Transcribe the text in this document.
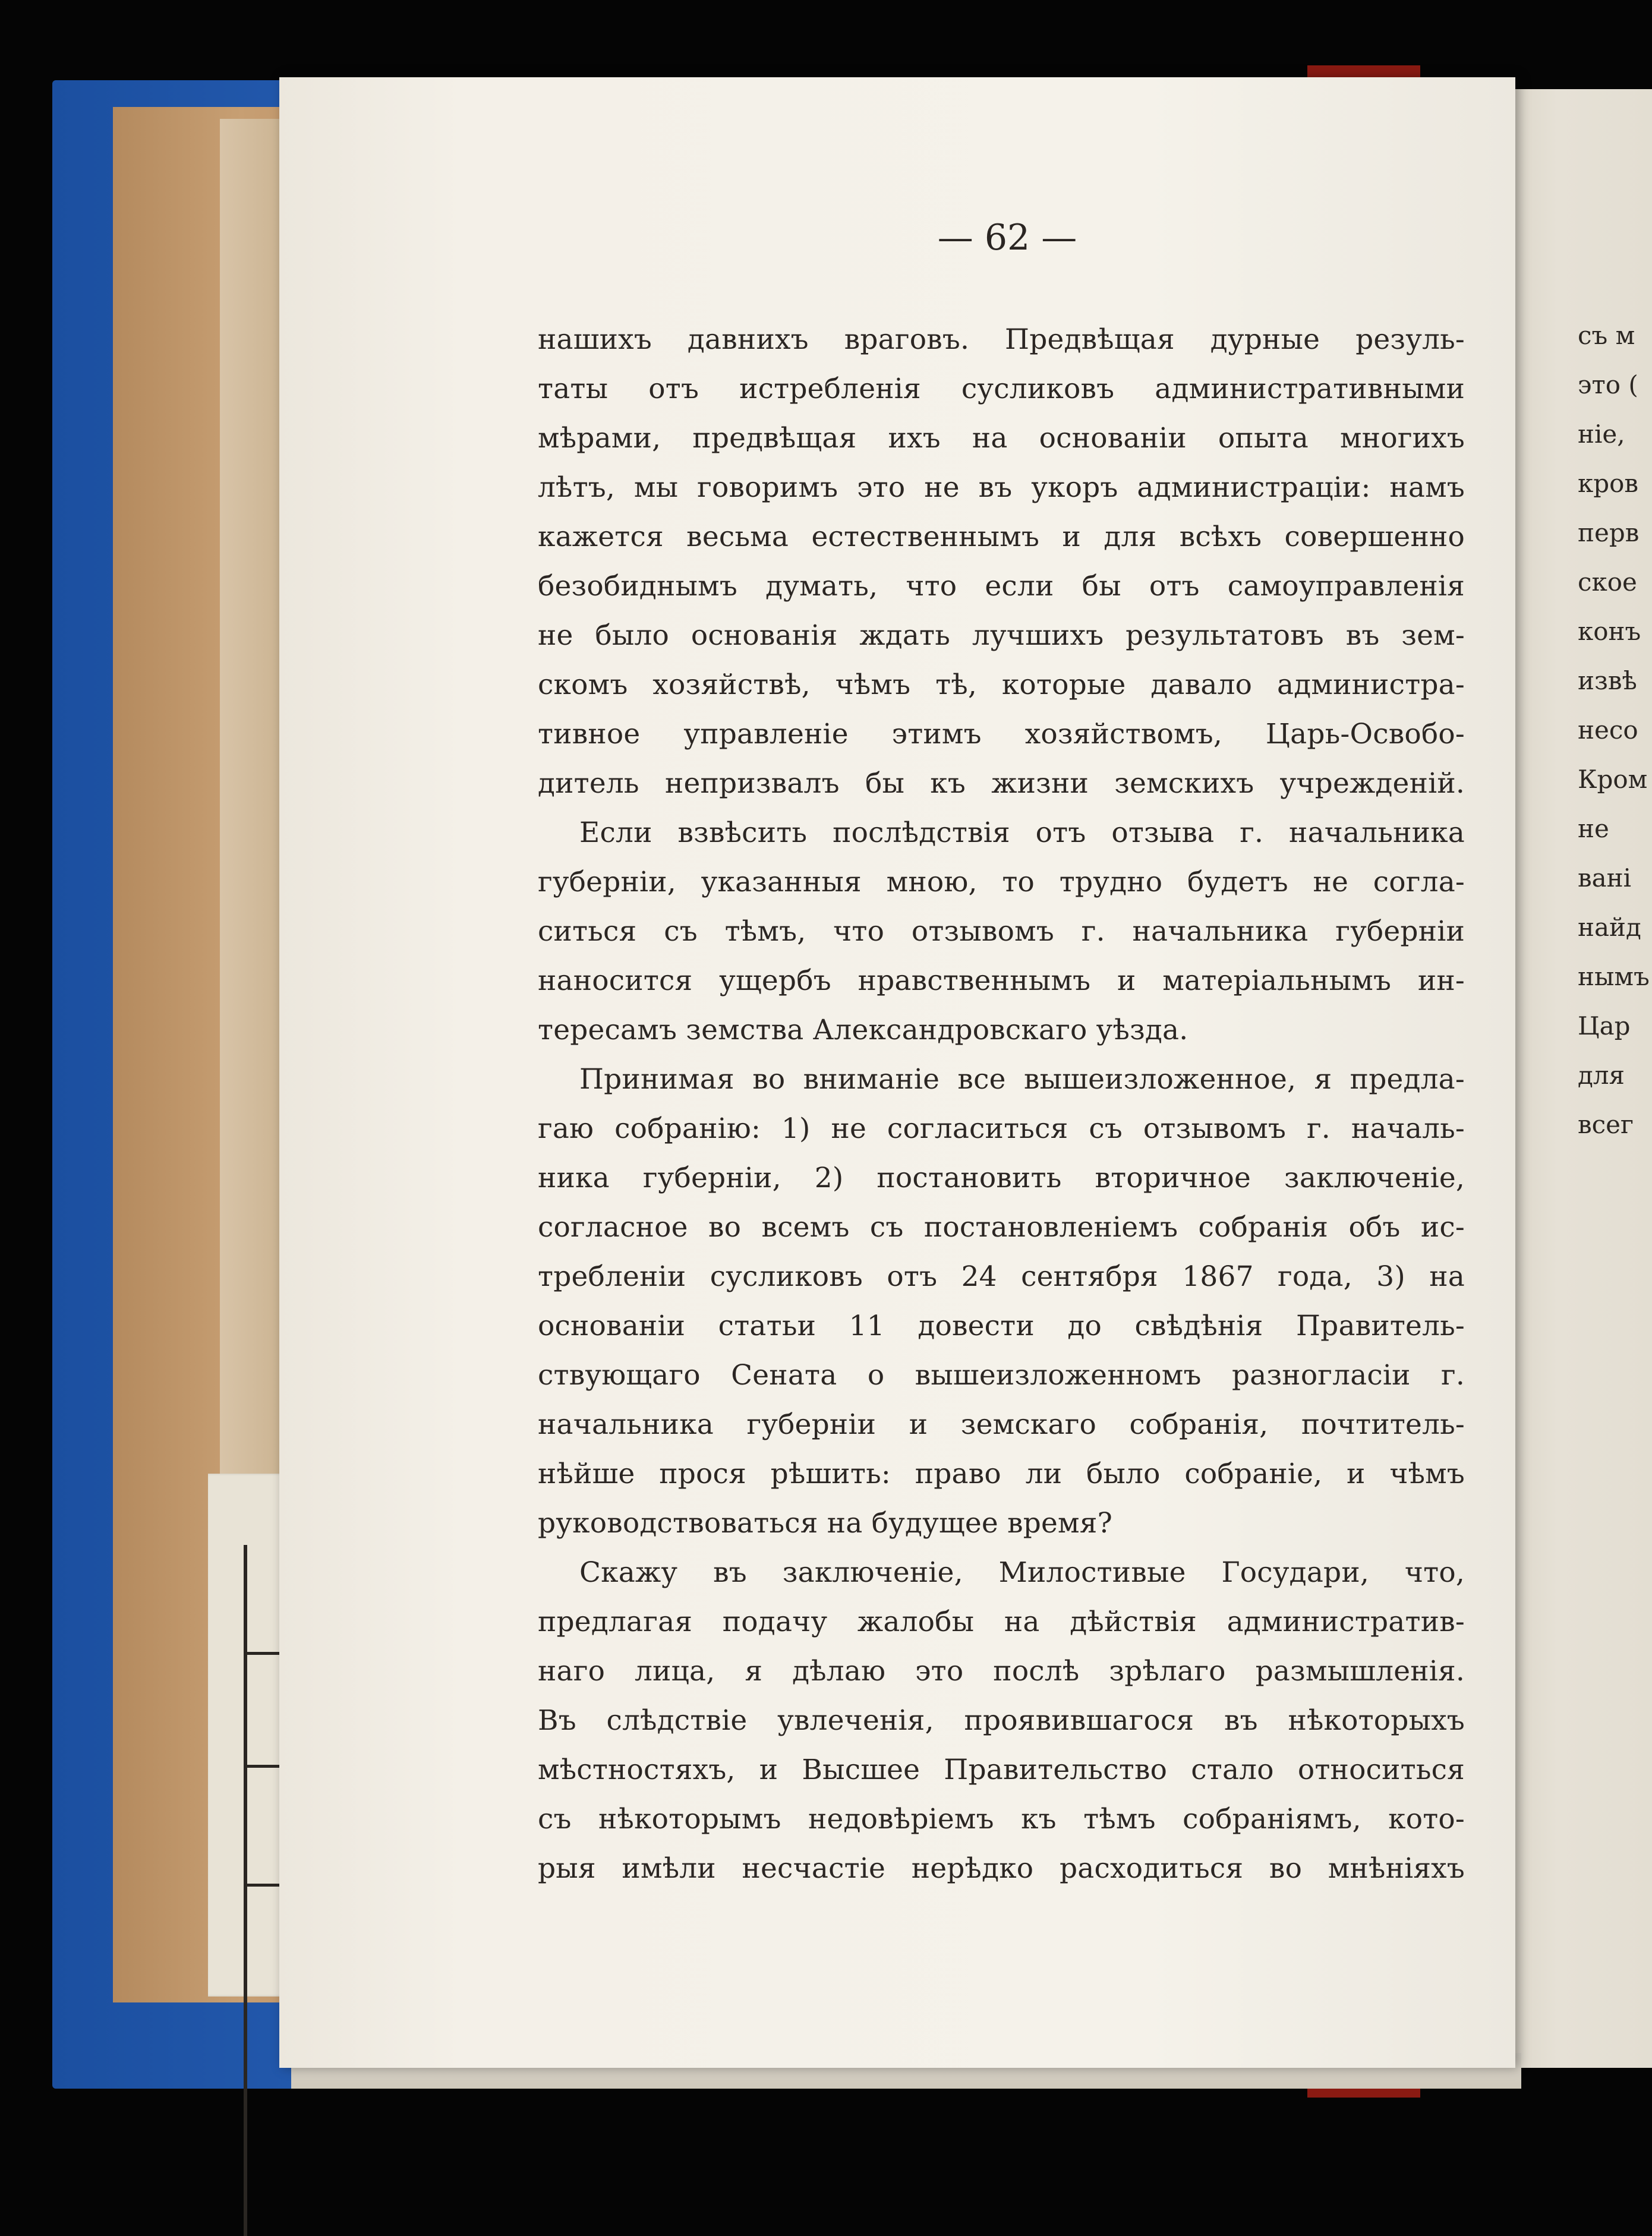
съ м
это (
ніе,
кров
перв
ское
конъ
извѣ
несо
Кром
не
ванi
найд
нымъ
Цар
для
всег
— 62 —

нашихъ давнихъ враговъ. Предвѣщая дурные резуль-

таты отъ истребленія сусликовъ административными

мѣрами, предвѣщая ихъ на основаніи опыта многихъ

лѣтъ, мы говоримъ это не въ укоръ администраціи: намъ

кажется весьма естественнымъ и для всѣхъ совершенно

безобиднымъ думать, что если бы отъ самоуправленія

не было основанія ждать лучшихъ результатовъ въ зем-

скомъ хозяйствѣ, чѣмъ тѣ, которые давало администра-

тивное управленіе этимъ хозяйствомъ, Царь-Освобо-

дитель непризвалъ бы къ жизни земскихъ учрежденій.

Если взвѣсить послѣдствія отъ отзыва г. начальника

губерніи, указанныя мною, то трудно будетъ не согла-

ситься съ тѣмъ, что отзывомъ г. начальника губерніи

наносится ущербъ нравственнымъ и матеріальнымъ ин-

тересамъ земства Александровскаго уѣзда.

Принимая во вниманіе все вышеизложенное, я предла-

гаю собранію: 1) не согласиться съ отзывомъ г. началь-

ника губерніи, 2) постановить вторичное заключеніе,

согласное во всемъ съ постановленіемъ собранія объ ис-

требленіи сусликовъ отъ 24 сентября 1867 года, 3) на

основаніи статьи 11 довести до свѣдѣнія Правитель-

ствующаго Сената о вышеизложенномъ разногласіи г.

начальника губерніи и земскаго собранія, почтитель-

нѣйше прося рѣшить: право ли было собраніе, и чѣмъ

руководствоваться на будущее время?

Скажу въ заключеніе, Милостивые Государи, что,

предлагая подачу жалобы на дѣйствія административ-

наго лица, я дѣлаю это послѣ зрѣлаго размышленія.

Въ слѣдствіе увлеченія, проявившагося въ нѣкоторыхъ

мѣстностяхъ, и Высшее Правительство стало относиться

съ нѣкоторымъ недовѣріемъ къ тѣмъ собраніямъ, кото-

рыя имѣли несчастіе нерѣдко расходиться во мнѣніяхъ
